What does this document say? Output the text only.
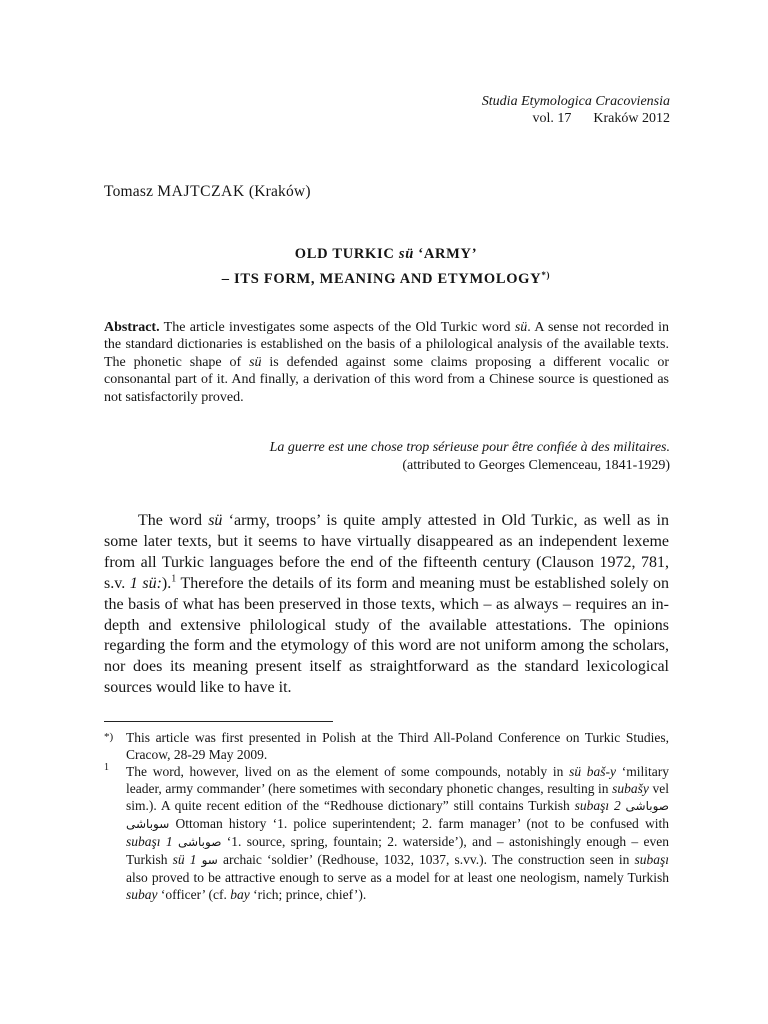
Studia Etymologica Cracoviensia
vol. 17 Kraków 2012
Tomasz MAJTCZAK (Kraków)
OLD TURKIC sü ‘ARMY’
– ITS FORM, MEANING AND ETYMOLOGY*)
Abstract. The article investigates some aspects of the Old Turkic word sü. A sense not recorded in the standard dictionaries is established on the basis of a philological analysis of the available texts. The phonetic shape of sü is defended against some claims proposing a different vocalic or consonantal part of it. And finally, a derivation of this word from a Chinese source is questioned as not satisfactorily proved.
La guerre est une chose trop sérieuse pour être confiée à des militaires.
(attributed to Georges Clemenceau, 1841-1929)

The word sü ‘army, troops’ is quite amply attested in Old Turkic, as well as in some later texts, but it seems to have virtually disappeared as an independent lexeme from all Turkic languages before the end of the fifteenth century (Clauson 1972, 781, s.v. 1 sü:).$^1$ Therefore the details of its form and meaning must be established solely on the basis of what has been preserved in those texts, which – as always – requires an in-depth and extensive philological study of the available attestations. The opinions regarding the form and the etymology of this word are not uniform among the scholars, nor does its meaning present itself as straightforward as the standard lexicological sources would like to have it.

*) This article was first presented in Polish at the Third All-Poland Conference on Turkic Studies, Cracow, 28-29 May 2009.
1 The word, however, lived on as the element of some compounds, notably in sü baš-y ‘military leader, army commander’ (here sometimes with secondary phonetic changes, resulting in subašy vel sim.). A quite recent edition of the “Redhouse dictionary” still contains Turkish subaşı 2 صوباشى سوباشى Ottoman history ‘1. police superintendent; 2. farm manager’ (not to be confused with subaşı 1 صوباشى ‘1. source, spring, fountain; 2. waterside’), and – astonishingly enough – even Turkish sü 1 سو archaic ‘soldier’ (Redhouse, 1032, 1037, s.vv.). The construction seen in subaşı also proved to be attractive enough to serve as a model for at least one neologism, namely Turkish subay ‘officer’ (cf. bay ‘rich; prince, chief’).
